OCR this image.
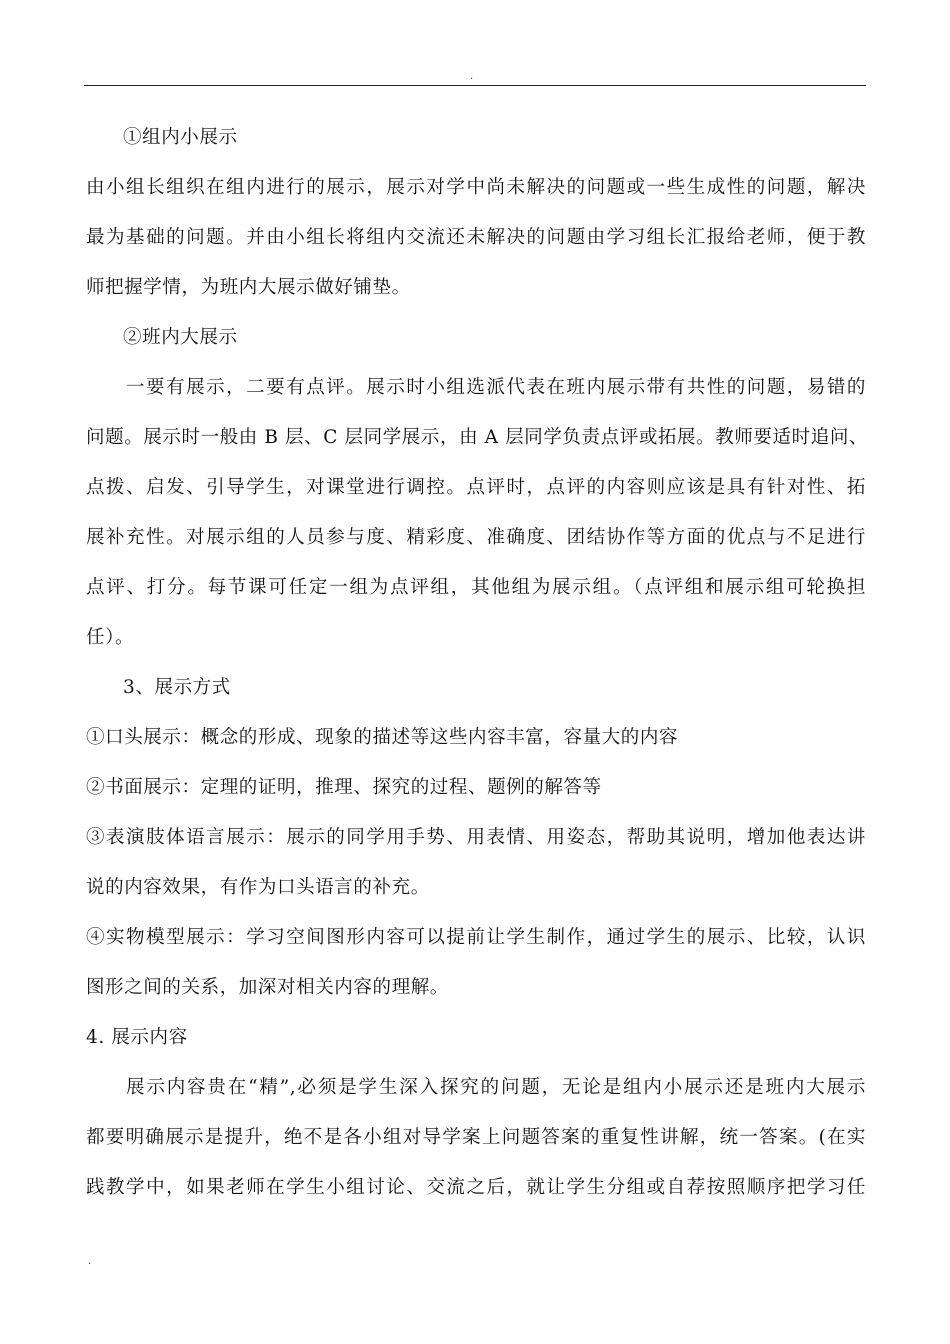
.
①组内小展示
由小组长组织在组内进行的展示，展示对学中尚未解决的问题或一些生成性的问题，解决
最为基础的问题。并由小组长将组内交流还未解决的问题由学习组长汇报给老师，便于教
师把握学情，为班内大展示做好铺垫。
②班内大展示
一要有展示，二要有点评。展示时小组选派代表在班内展示带有共性的问题，易错的
问题。展示时一般由 B 层、C 层同学展示，由 A 层同学负责点评或拓展。教师要适时追问、
点拨、启发、引导学生，对课堂进行调控。点评时，点评的内容则应该是具有针对性、拓
展补充性。对展示组的人员参与度、精彩度、准确度、团结协作等方面的优点与不足进行
点评、打分。每节课可任定一组为点评组，其他组为展示组。（点评组和展示组可轮换担
任）。
3、展示方式
①口头展示：概念的形成、现象的描述等这些内容丰富，容量大的内容
②书面展示：定理的证明，推理、探究的过程、题例的解答等
③表演肢体语言展示：展示的同学用手势、用表情、用姿态，帮助其说明，增加他表达讲
说的内容效果，有作为口头语言的补充。
④实物模型展示：学习空间图形内容可以提前让学生制作，通过学生的展示、比较，认识
图形之间的关系，加深对相关内容的理解。
4. 展示内容
展示内容贵在“精”,必须是学生深入探究的问题，无论是组内小展示还是班内大展示
都要明确展示是提升，绝不是各小组对导学案上问题答案的重复性讲解，统一答案。(在实
践教学中，如果老师在学生小组讨论、交流之后，就让学生分组或自荐按照顺序把学习任
.
